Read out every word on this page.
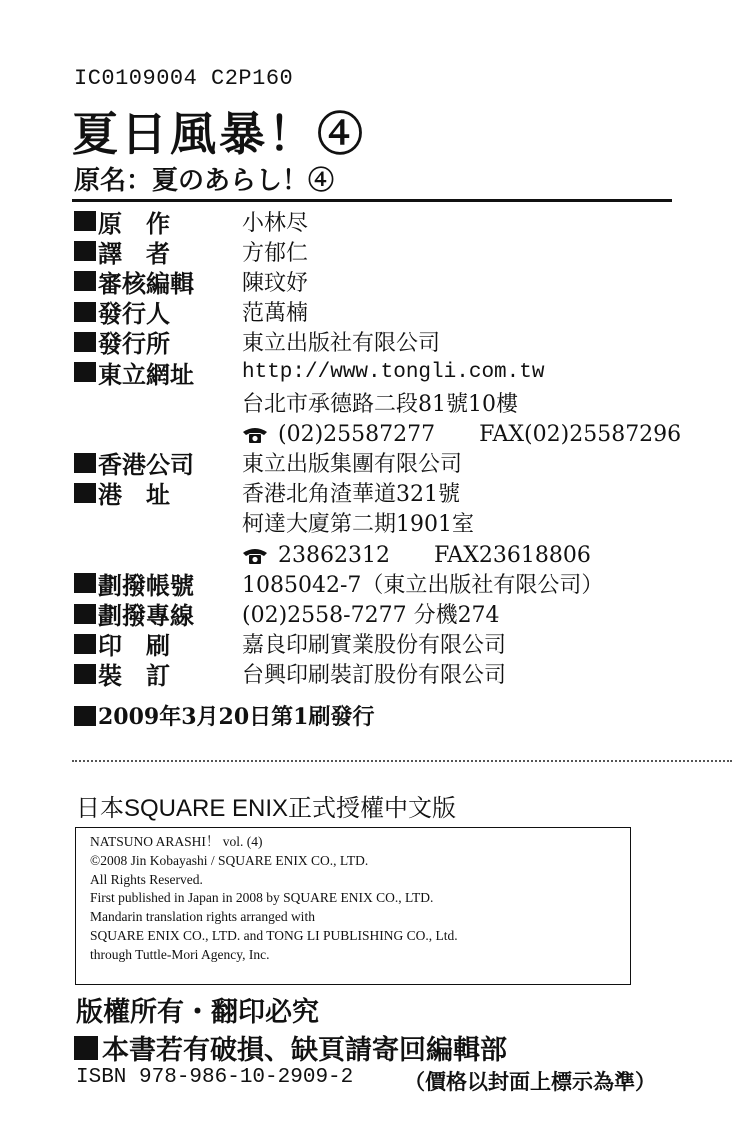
IC0109004 C2P160
夏日風暴！④
原名：夏のあらし！④
原　作	小林尽
譯　者	方郁仁
審核編輯	陳玟妤
發行人	范萬楠
發行所	東立出版社有限公司
東立網址	http://www.tongli.com.tw
台北市承德路二段81號10樓
(02)25587277　　FAX(02)25587296
香港公司	東立出版集團有限公司
港　址	香港北角渣華道321號
柯達大廈第二期1901室
23862312　　FAX23618806
劃撥帳號	1085042-7（東立出版社有限公司）
劃撥專線	(02)2558-7277 分機274
印　刷	嘉良印刷實業股份有限公司
裝　訂	台興印刷裝訂股份有限公司
2009年3月20日第1刷發行
日本SQUARE ENIX正式授權中文版
NATSUNO ARASHI！ vol. (4)
©2008 Jin Kobayashi / SQUARE ENIX CO., LTD.
All Rights Reserved.
First published in Japan in 2008 by SQUARE ENIX CO., LTD.
Mandarin translation rights arranged with
SQUARE ENIX CO., LTD. and TONG LI PUBLISHING CO., Ltd.
through Tuttle-Mori Agency, Inc.
版權所有・翻印必究
本書若有破損、缺頁請寄回編輯部
ISBN 978-986-10-2909-2 （價格以封面上標示為準）
